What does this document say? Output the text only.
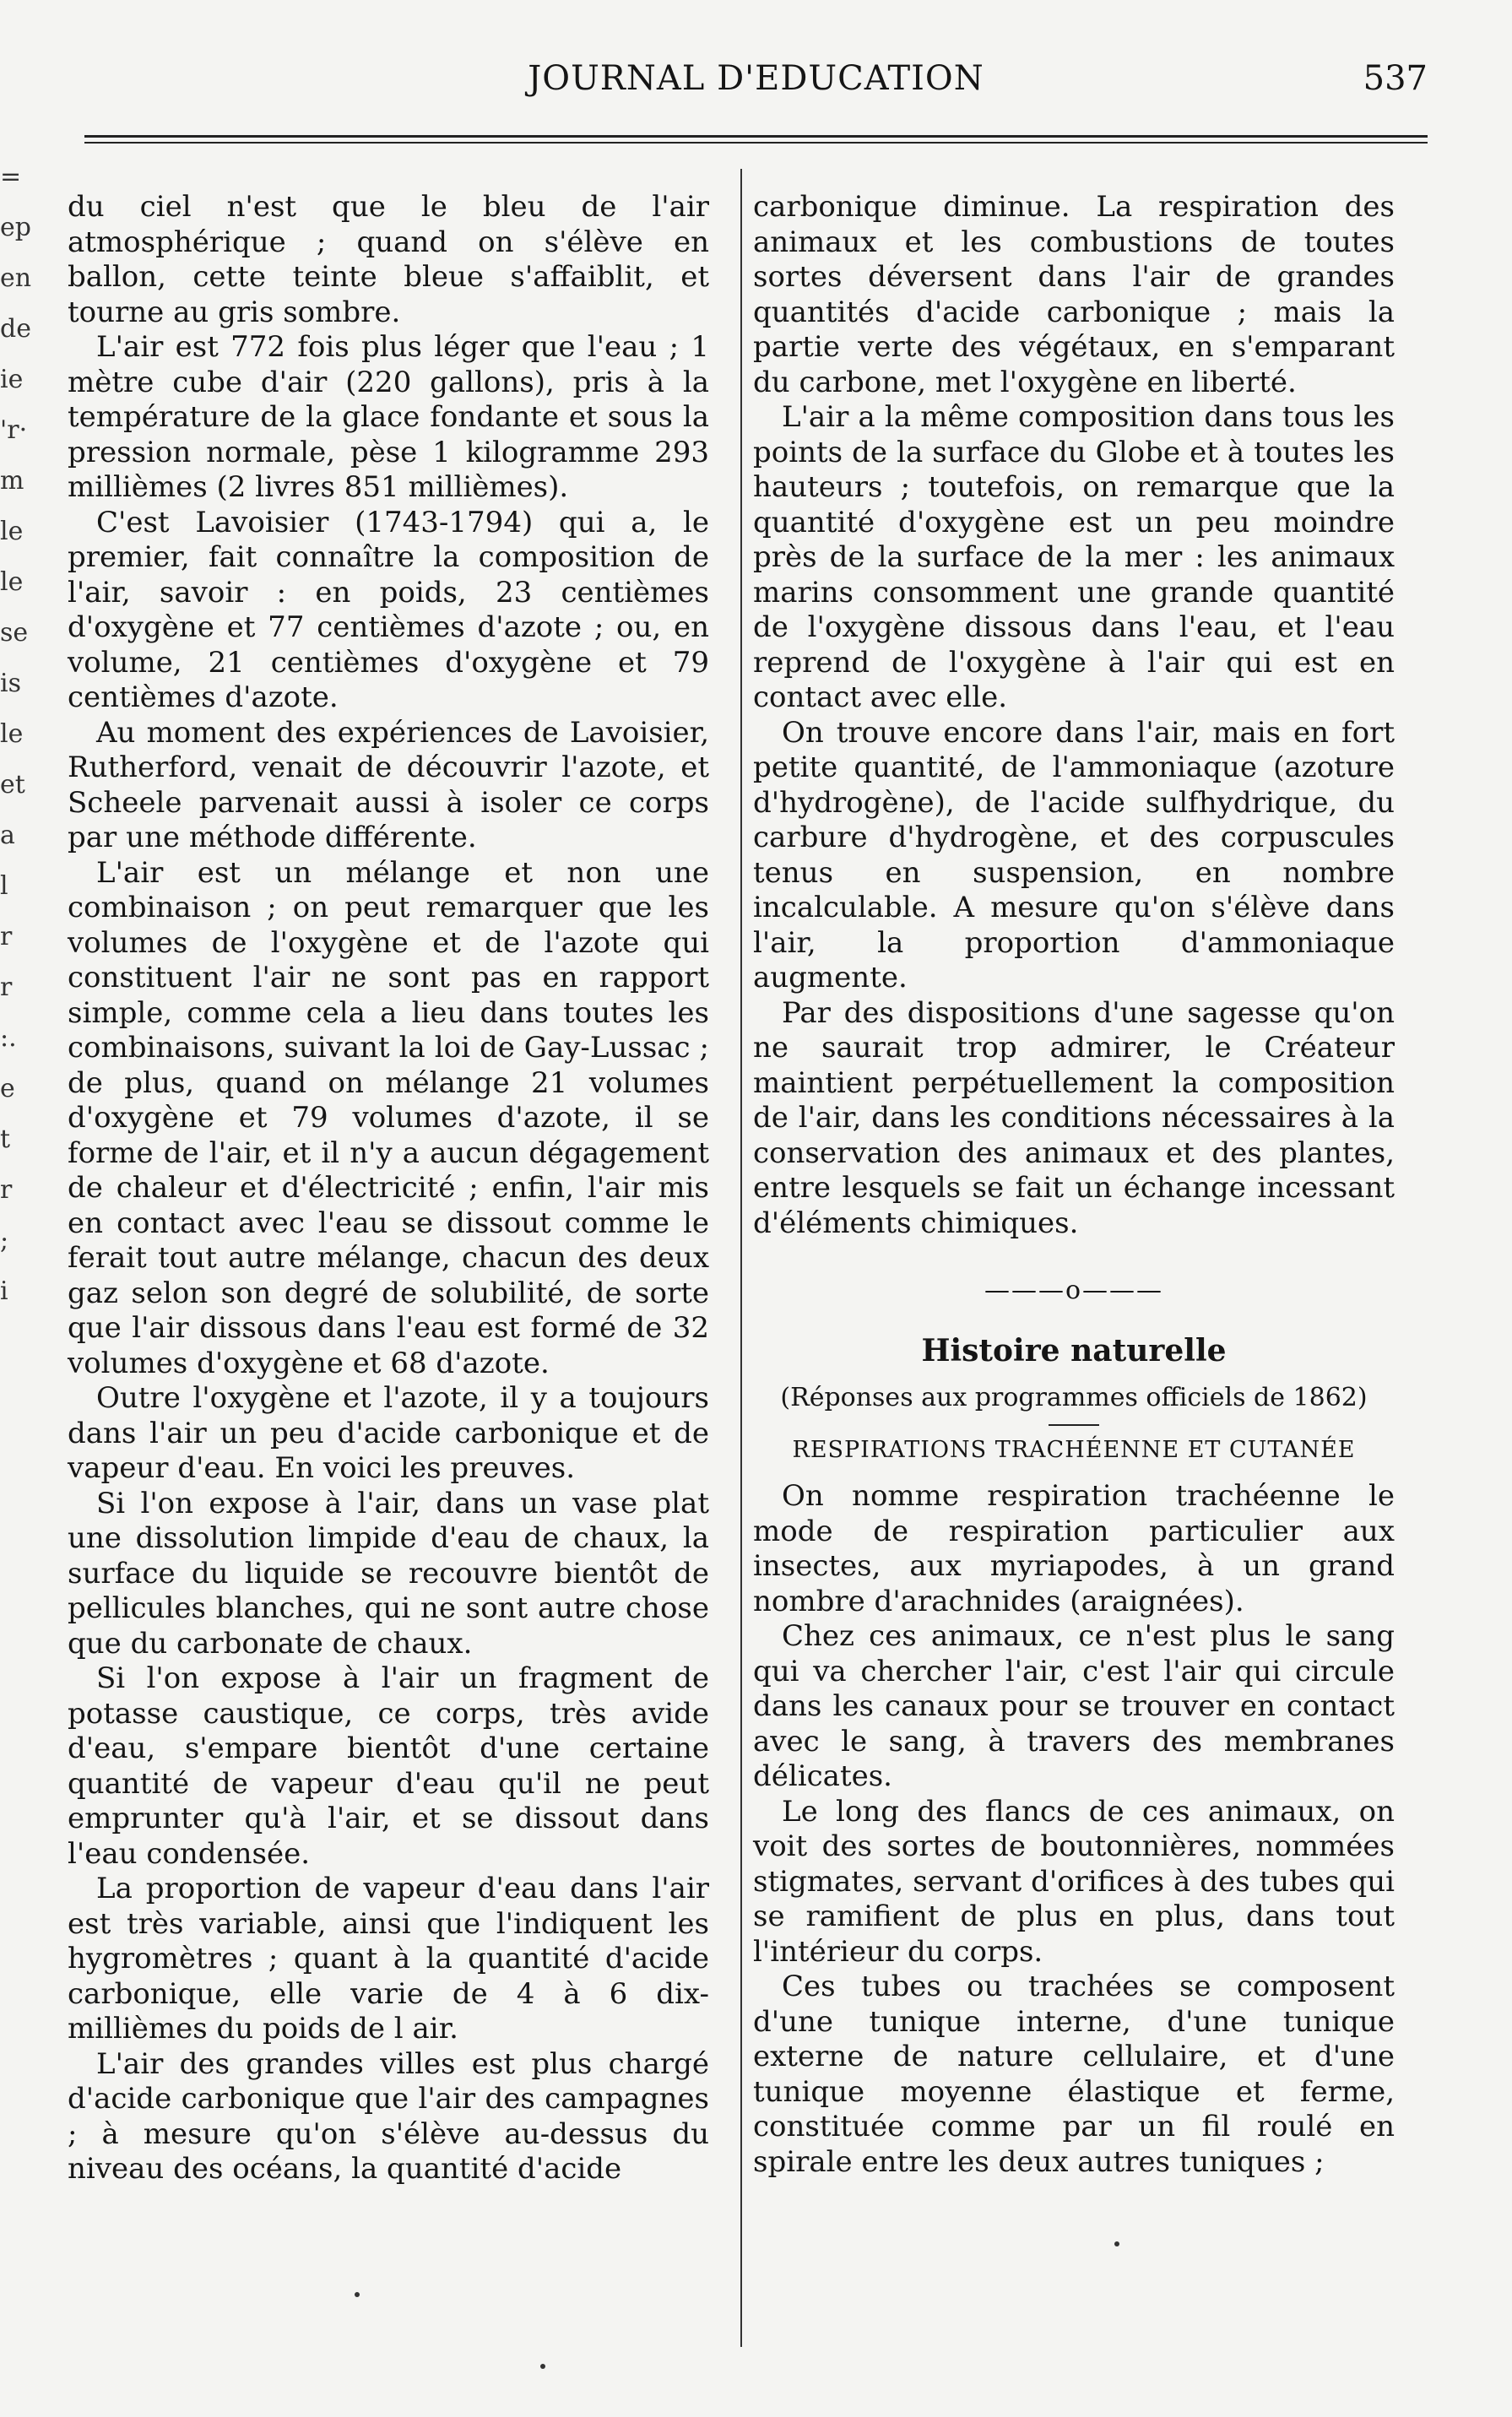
=
ep
en
de
ie
'r·
m
le
le
se
is
le
et
a
l
r
r
:.
e
t
r
;
i
JOURNAL D'EDUCATION	537

du ciel n'est que le bleu de l'air atmosphérique ; quand on s'élève en ballon, cette teinte bleue s'affaiblit, et tourne au gris sombre.

L'air est 772 fois plus léger que l'eau ; 1 mètre cube d'air (220 gallons), pris à la température de la glace fondante et sous la pression normale, pèse 1 kilogramme 293 millièmes (2 livres 851 millièmes).

C'est Lavoisier (1743-1794) qui a, le premier, fait connaître la composition de l'air, savoir : en poids, 23 centièmes d'oxygène et 77 centièmes d'azote ; ou, en volume, 21 centièmes d'oxygène et 79 centièmes d'azote.

Au moment des expériences de Lavoisier, Rutherford, venait de découvrir l'azote, et Scheele parvenait aussi à isoler ce corps par une méthode différente.

L'air est un mélange et non une combinaison ; on peut remarquer que les volumes de l'oxygène et de l'azote qui constituent l'air ne sont pas en rapport simple, comme cela a lieu dans toutes les combinaisons, suivant la loi de Gay-Lussac ; de plus, quand on mélange 21 volumes d'oxygène et 79 volumes d'azote, il se forme de l'air, et il n'y a aucun dégagement de chaleur et d'électricité ; enfin, l'air mis en contact avec l'eau se dissout comme le ferait tout autre mélange, chacun des deux gaz selon son degré de solubilité, de sorte que l'air dissous dans l'eau est formé de 32 volumes d'oxygène et 68 d'azote.

Outre l'oxygène et l'azote, il y a toujours dans l'air un peu d'acide carbonique et de vapeur d'eau. En voici les preuves.

Si l'on expose à l'air, dans un vase plat une dissolution limpide d'eau de chaux, la surface du liquide se recouvre bientôt de pellicules blanches, qui ne sont autre chose que du carbonate de chaux.

Si l'on expose à l'air un fragment de potasse caustique, ce corps, très avide d'eau, s'empare bientôt d'une certaine quantité de vapeur d'eau qu'il ne peut emprunter qu'à l'air, et se dissout dans l'eau condensée.

La proportion de vapeur d'eau dans l'air est très variable, ainsi que l'indiquent les hygromètres ; quant à la quantité d'acide carbonique, elle varie de 4 à 6 dix-millièmes du poids de l air.

L'air des grandes villes est plus chargé d'acide carbonique que l'air des campagnes ; à mesure qu'on s'élève au-dessus du niveau des océans, la quantité d'acide

carbonique diminue. La respiration des animaux et les combustions de toutes sortes déversent dans l'air de grandes quantités d'acide carbonique ; mais la partie verte des végétaux, en s'emparant du carbone, met l'oxygène en liberté.

L'air a la même composition dans tous les points de la surface du Globe et à toutes les hauteurs ; toutefois, on remarque que la quantité d'oxygène est un peu moindre près de la surface de la mer : les animaux marins consomment une grande quantité de l'oxygène dissous dans l'eau, et l'eau reprend de l'oxygène à l'air qui est en contact avec elle.

On trouve encore dans l'air, mais en fort petite quantité, de l'ammoniaque (azoture d'hydrogène), de l'acide sulfhydrique, du carbure d'hydrogène, et des corpuscules tenus en suspension, en nombre incalculable. A mesure qu'on s'élève dans l'air, la proportion d'ammoniaque augmente.

Par des dispositions d'une sagesse qu'on ne saurait trop admirer, le Créateur maintient perpétuellement la composition de l'air, dans les conditions nécessaires à la conservation des animaux et des plantes, entre lesquels se fait un échange incessant d'éléments chimiques.

———o———

Histoire naturelle

(Réponses aux programmes officiels de 1862)

RESPIRATIONS TRACHÉENNE ET CUTANÉE

On nomme respiration trachéenne le mode de respiration particulier aux insectes, aux myriapodes, à un grand nombre d'arachnides (araignées).

Chez ces animaux, ce n'est plus le sang qui va chercher l'air, c'est l'air qui circule dans les canaux pour se trouver en contact avec le sang, à travers des membranes délicates.

Le long des flancs de ces animaux, on voit des sortes de boutonnières, nommées stigmates, servant d'orifices à des tubes qui se ramifient de plus en plus, dans tout l'intérieur du corps.

Ces tubes ou trachées se composent d'une tunique interne, d'une tunique externe de nature cellulaire, et d'une tunique moyenne élastique et ferme, constituée comme par un fil roulé en spirale entre les deux autres tuniques ;
